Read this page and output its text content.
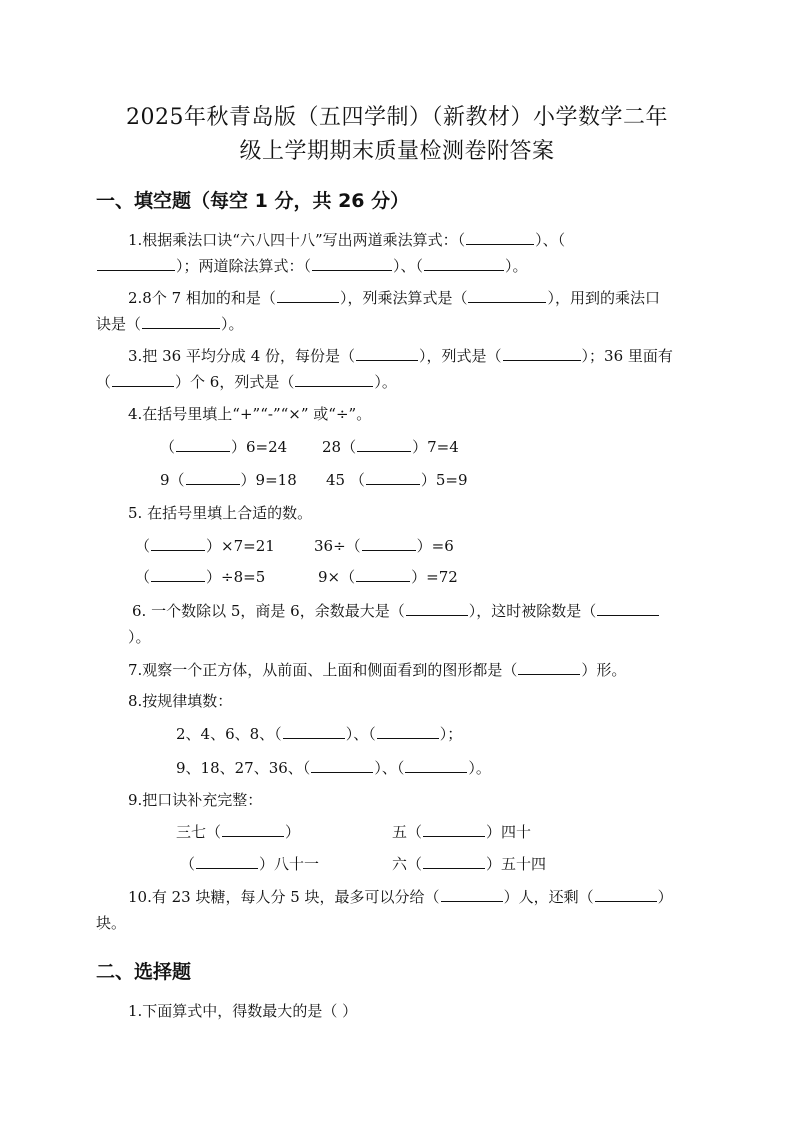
2025年秋青岛版（五四学制）（新教材）小学数学二年
级上学期期末质量检测卷附答案
一、填空题（每空 1 分，共 26 分）
1.根据乘法口诀“六八四十八”写出两道乘法算式：（	）、（
）；两道除法算式：（	）、（	）。
2.8个 7 相加的和是（	），列乘法算式是（	），用到的乘法口
诀是（	）。
3.把 36 平均分成 4 份，每份是（	），列式是（	）；36 里面有
（	）个 6，列式是（	）。
4.在括号里填上“+”“-”“×” 或“÷”。
（	）6=24 28（	）7=4
9（	）9=18 45 （	）5=9
5. 在括号里填上合适的数。
（	）×7=21	36÷（	）=6
（	）÷8=5	9×（	）=72
6. 一个数除以 5，商是 6，余数最大是（	），这时被除数是（
）。
7.观察一个正方体，从前面、上面和侧面看到的图形都是（	）形。
8.按规律填数：
2、4、6、8、（	）、（	）；
9、18、27、36、（	）、（	）。
9.把口诀补充完整：
三七（	）	五（	）四十
（	）八十一	六（	）五十四
10.有 23 块糖，每人分 5 块，最多可以分给（	）人，还剩（	）
块。
二、选择题
1.下面算式中，得数最大的是（ ）
